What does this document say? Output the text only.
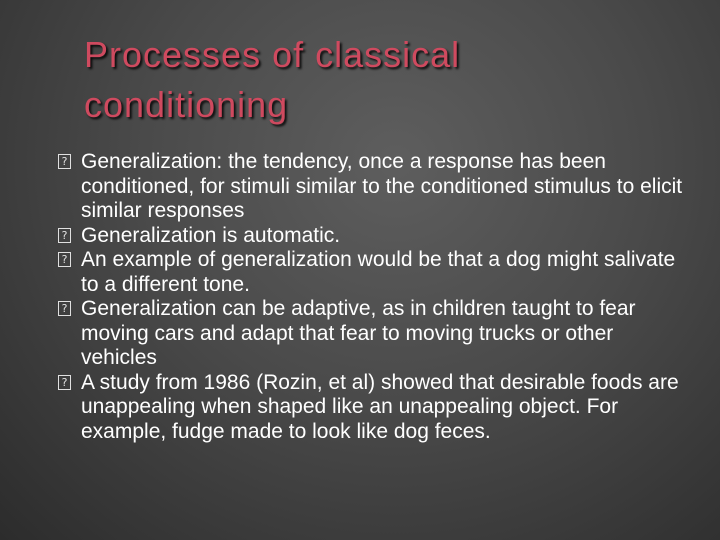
Processes of classical conditioning
? Generalization: the tendency, once a response has been conditioned, for stimuli similar to the conditioned stimulus to elicit similar responses
? Generalization is automatic.
? An example of generalization would be that a dog might salivate to a different tone.
? Generalization can be adaptive, as in children taught to fear moving cars and adapt that fear to moving trucks or other vehicles
? A study from 1986 (Rozin, et al) showed that desirable foods are unappealing when shaped like an unappealing object. For example, fudge made to look like dog feces.
